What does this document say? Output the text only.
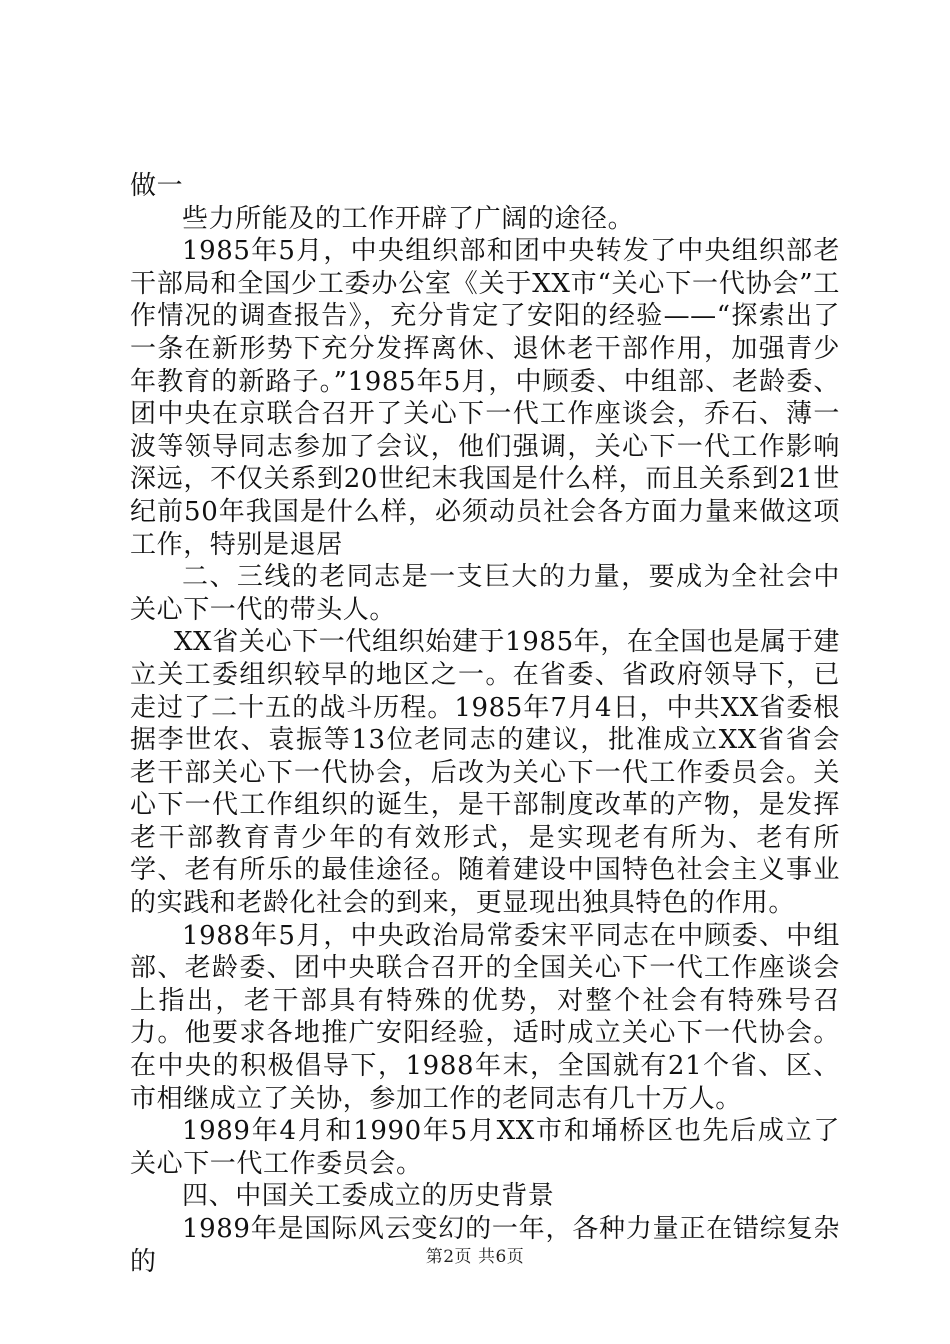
做一

些力所能及的工作开辟了广阔的途径。

1985年5月，中央组织部和团中央转发了中央组织部老干部局和全国少工委办公室《关于XX市“关心下一代协会”工作情况的调查报告》，充分肯定了安阳的经验——“探索出了一条在新形势下充分发挥离休、退休老干部作用，加强青少年教育的新路子。”1985年5月，中顾委、中组部、老龄委、团中央在京联合召开了关心下一代工作座谈会，乔石、薄一波等领导同志参加了会议，他们强调，关心下一代工作影响深远，不仅关系到20世纪末我国是什么样，而且关系到21世纪前50年我国是什么样，必须动员社会各方面力量来做这项工作，特别是退居

二、三线的老同志是一支巨大的力量，要成为全社会中关心下一代的带头人。

XX省关心下一代组织始建于1985年，在全国也是属于建立关工委组织较早的地区之一。在省委、省政府领导下，已走过了二十五的战斗历程。1985年7月4日，中共XX省委根据李世农、袁振等13位老同志的建议，批准成立XX省省会老干部关心下一代协会，后改为关心下一代工作委员会。关心下一代工作组织的诞生，是干部制度改革的产物，是发挥老干部教育青少年的有效形式，是实现老有所为、老有所学、老有所乐的最佳途径。随着建设中国特色社会主义事业的实践和老龄化社会的到来，更显现出独具特色的作用。

1988年5月，中央政治局常委宋平同志在中顾委、中组部、老龄委、团中央联合召开的全国关心下一代工作座谈会上指出，老干部具有特殊的优势，对整个社会有特殊号召力。他要求各地推广安阳经验，适时成立关心下一代协会。在中央的积极倡导下，1988年末，全国就有21个省、区、市相继成立了关协，参加工作的老同志有几十万人。

1989年4月和1990年5月XX市和埇桥区也先后成立了关心下一代工作委员会。

四、中国关工委成立的历史背景

1989年是国际风云变幻的一年，各种力量正在错综复杂的	第2页 共6页
